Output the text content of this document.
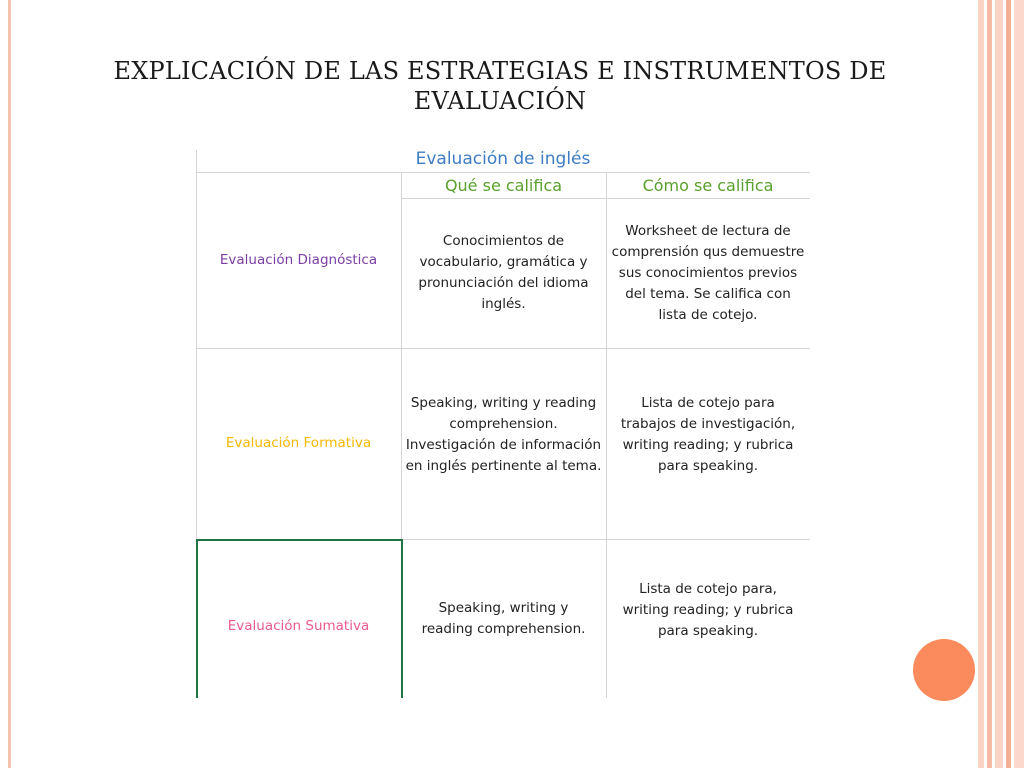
EXPLICACIÓN DE LAS ESTRATEGIAS E INSTRUMENTOS DE
EVALUACIÓN
Evaluación de inglés
Qué se califica	Cómo se califica
Evaluación Diagnóstica
Conocimientos de vocabulario, gramática y pronunciación del idioma inglés.
Worksheet de lectura de comprensión qus demuestre sus conocimientos previos del tema. Se califica con lista de cotejo.
Evaluación Formativa
Speaking, writing y reading comprehension. Investigación de información en inglés pertinente al tema.
Lista de cotejo para trabajos de investigación, writing reading; y rubrica para speaking.
Evaluación Sumativa
Speaking, writing y reading comprehension.
Lista de cotejo para, writing reading; y rubrica para speaking.
